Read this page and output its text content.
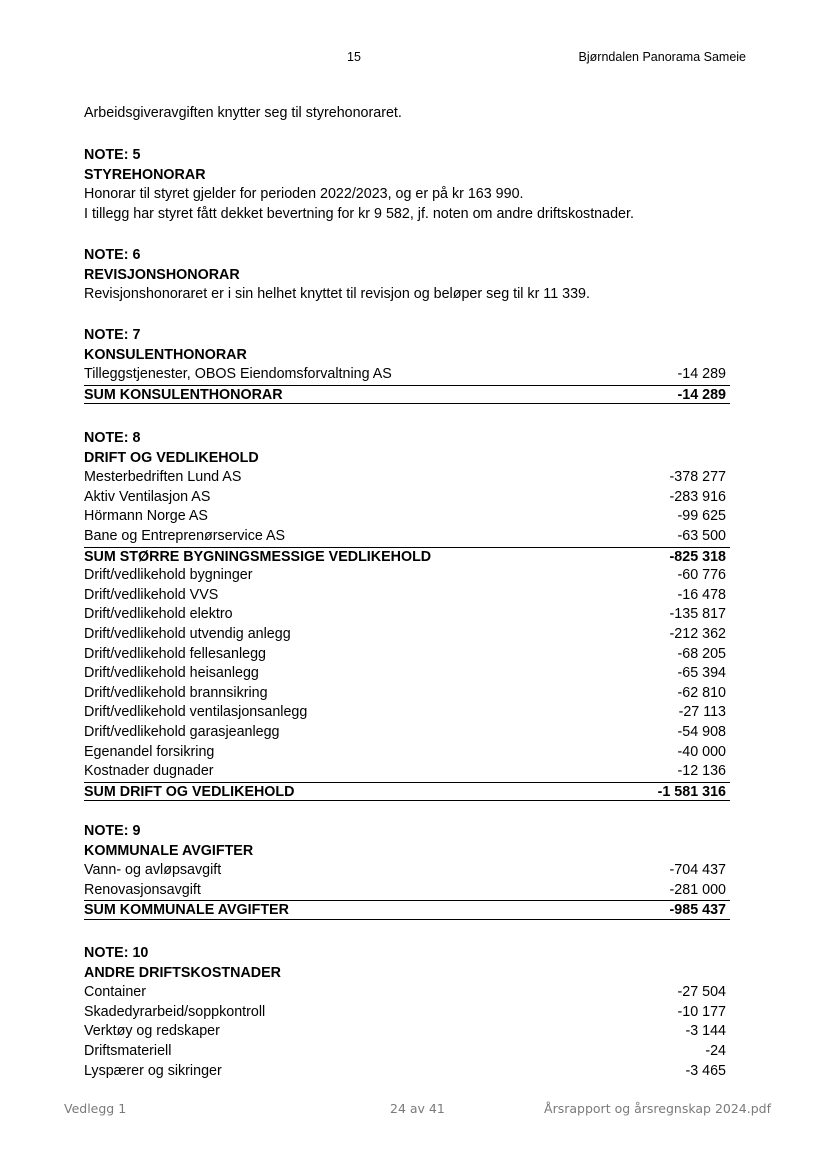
15	Bjørndalen Panorama Sameie
Arbeidsgiveravgiften knytter seg til styrehonoraret.
NOTE: 5
STYREHONORAR
Honorar til styret gjelder for perioden 2022/2023, og er på kr 163 990.
I tillegg har styret fått dekket bevertning for kr 9 582, jf. noten om andre driftskostnader.
NOTE: 6
REVISJONSHONORAR
Revisjonshonoraret er i sin helhet knyttet til revisjon og beløper seg til kr 11 339.
NOTE: 7
KONSULENTHONORAR
Tilleggstjenester, OBOS Eiendomsforvaltning AS	-14 289
SUM KONSULENTHONORAR	-14 289
NOTE: 8
DRIFT OG VEDLIKEHOLD
Mesterbedriften Lund AS	-378 277
Aktiv Ventilasjon AS	-283 916
Hörmann Norge AS	-99 625
Bane og Entreprenørservice AS	-63 500
SUM STØRRE BYGNINGSMESSIGE VEDLIKEHOLD	-825 318
Drift/vedlikehold bygninger	-60 776
Drift/vedlikehold VVS	-16 478
Drift/vedlikehold elektro	-135 817
Drift/vedlikehold utvendig anlegg	-212 362
Drift/vedlikehold fellesanlegg	-68 205
Drift/vedlikehold heisanlegg	-65 394
Drift/vedlikehold brannsikring	-62 810
Drift/vedlikehold ventilasjonsanlegg	-27 113
Drift/vedlikehold garasjeanlegg	-54 908
Egenandel forsikring	-40 000
Kostnader dugnader	-12 136
SUM DRIFT OG VEDLIKEHOLD	-1 581 316
NOTE: 9
KOMMUNALE AVGIFTER
Vann- og avløpsavgift	-704 437
Renovasjonsavgift	-281 000
SUM KOMMUNALE AVGIFTER	-985 437
NOTE: 10
ANDRE DRIFTSKOSTNADER
Container	-27 504
Skadedyrarbeid/soppkontroll	-10 177
Verktøy og redskaper	-3 144
Driftsmateriell	-24
Lyspærer og sikringer	-3 465
Vedlegg 1	24 av 41	Årsrapport og årsregnskap 2024.pdf
